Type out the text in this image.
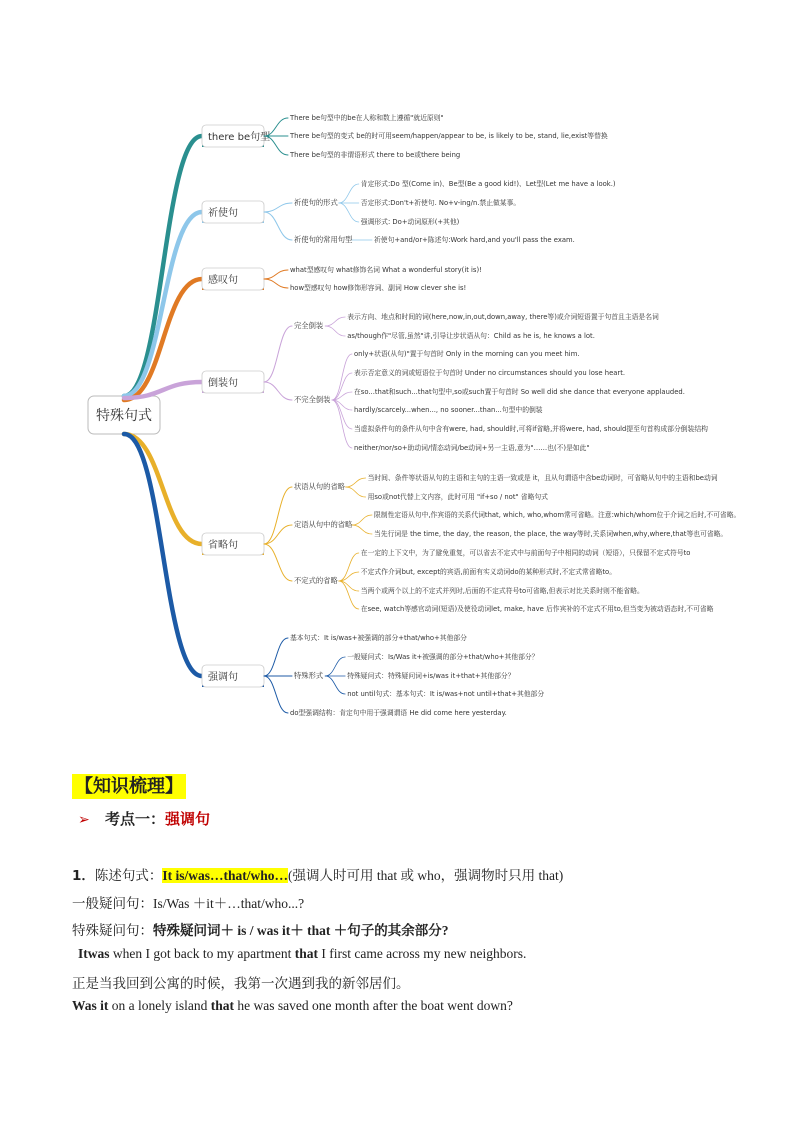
特殊句式
there be句型
There be句型中的be在人称和数上遵循"就近原则"
There be句型的变式 be的时可用seem/happen/appear to be, is likely to be, stand, lie,exist等替换
There be句型的非谓语形式 there to be或there being
祈使句
祈使句的形式
肯定形式:Do 型(Come in)、Be型(Be a good kid!)、Let型(Let me have a look.)
否定形式:Don't+祈使句. No+v-ing/n.禁止做某事。
强调形式: Do+动词原形(+其他)
祈使句的常用句型	祈使句+and/or+陈述句:Work hard,and you'll pass the exam.
感叹句
what型感叹句 what修饰名词 What a wonderful story(it is)!
how型感叹句 how修饰形容词、副词 How clever she is!
倒装句
完全倒装
表示方向、地点和时间的词(here,now,in,out,down,away, there等)或介词短语置于句首且主语是名词
as/though作"尽管,虽然"讲,引导让步状语从句：Child as he is, he knows a lot.
不完全倒装
only+状语(从句)"置于句首时 Only in the morning can you meet him.
表示否定意义的词或短语位于句首时 Under no circumstances should you lose heart.
在so...that和such...that句型中,so或such置于句首时 So well did she dance that everyone applauded.
hardly/scarcely...when..., no sooner...than...句型中的倒装
当虚拟条件句的条件从句中含有were, had, should时,可将if省略,并将were, had, should提至句首构成部分倒装结构
neither/nor/so+助动词/情态动词/be动词+另一主语,意为"……也(不)是如此"
省略句
状语从句的省略
当时间、条件等状语从句的主语和主句的主语一致或是 it，且从句谓语中含be动词时，可省略从句中的主语和be动词
用so或not代替上文内容，此时可用 "if+so / not" 省略句式
定语从句中的省略
限制性定语从句中,作宾语的关系代词that, which, who,whom常可省略。注意:which/whom位于介词之后时,不可省略。
当先行词是 the time, the day, the reason, the place, the way等时,关系词when,why,where,that等也可省略。
不定式的省略
在一定的上下文中，为了避免重复，可以省去不定式中与前面句子中相同的动词（短语），只保留不定式符号to
不定式作介词but, except的宾语,前面有实义动词do的某种形式时,不定式常省略to。
当两个或两个以上的不定式并列时,后面的不定式符号to可省略,但表示对比关系时则不能省略。
在see, watch等感官动词(短语)及使役动词let, make, have 后作宾补的不定式不用to,但当变为被动语态时,不可省略
强调句
基本句式：It is/was+被强调的部分+that/who+其他部分
特殊形式
一般疑问式：Is/Was it+被强调的部分+that/who+其他部分？
特殊疑问式：特殊疑问词+is/was it+that+其他部分？
not until句式：基本句式：It is/was+not until+that+其他部分
do型强调结构：肯定句中用于强调谓语 He did come here yesterday.
【知识梳理】
➢ 考点一：强调句
1．陈述句式：It is/was…that/who…(强调人时可用 that 或 who，强调物时只用 that)
一般疑问句：Is/Was ＋it＋…that/who...?
特殊疑问句：特殊疑问词＋ is / was it＋ that ＋句子的其余部分?
Itwas when I got back to my apartment that I first came across my new neighbors.
正是当我回到公寓的时候，我第一次遇到我的新邻居们。
Was it on a lonely island that he was saved one month after the boat went down?
